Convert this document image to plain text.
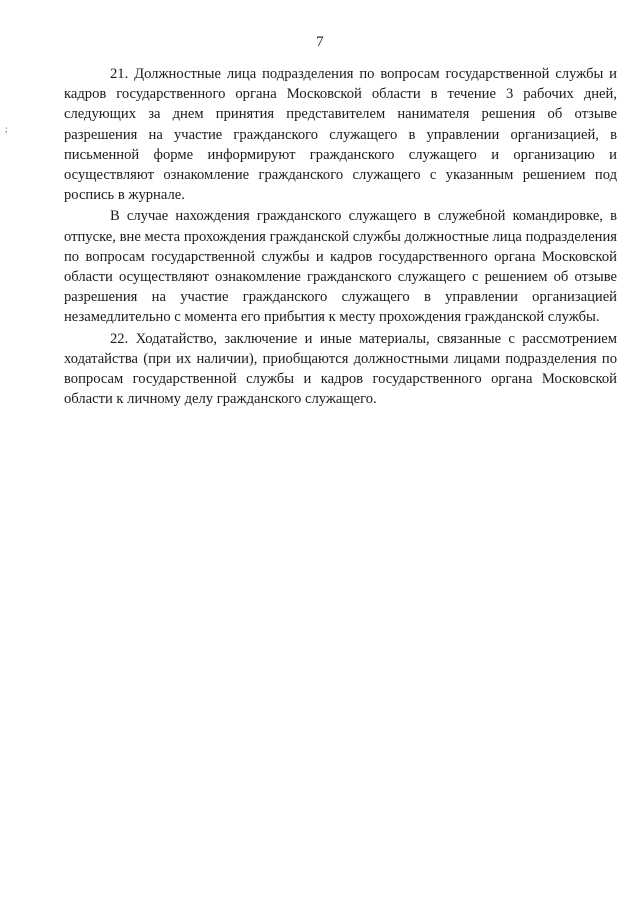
7
;

21. Должностные лица подразделения по вопросам государственной службы и кадров государственного органа Московской области в течение 3 рабочих дней, следующих за днем принятия представителем нанимателя решения об отзыве разрешения на участие гражданского служащего в управлении организацией, в письменной форме информируют гражданского служащего и организацию и осуществляют ознакомление гражданского служащего с указанным решением под роспись в журнале.

В случае нахождения гражданского служащего в служебной командировке, в отпуске, вне места прохождения гражданской службы должностные лица подразделения по вопросам государственной службы и кадров государственного органа Московской области осуществляют ознакомление гражданского служащего с решением об отзыве разрешения на участие гражданского служащего в управлении организацией незамедлительно с момента его прибытия к месту прохождения гражданской службы.

22. Ходатайство, заключение и иные материалы, связанные с рассмотрением ходатайства (при их наличии), приобщаются должностными лицами подразделения по вопросам государственной службы и кадров государственного органа Московской области к личному делу гражданского служащего.
